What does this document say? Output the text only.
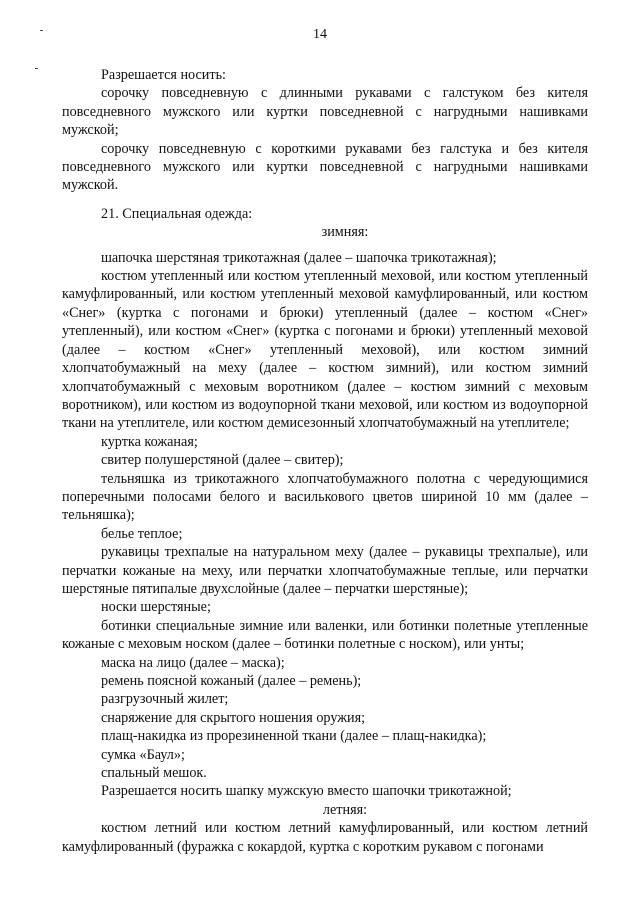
14

Разрешается носить:

сорочку повседневную с длинными рукавами с галстуком без кителя повседневного мужского или куртки повседневной с нагрудными нашивками мужской;

сорочку повседневную с короткими рукавами без галстука и без кителя повседневного мужского или куртки повседневной с нагрудными нашивками мужской.

21. Специальная одежда:

зимняя:

шапочка шерстяная трикотажная (далее – шапочка трикотажная);

костюм утепленный или костюм утепленный меховой, или костюм утепленный камуфлированный, или костюм утепленный меховой камуфлированный, или костюм «Снег» (куртка с погонами и брюки) утепленный (далее – костюм «Снег» утепленный), или костюм «Снег» (куртка с погонами и брюки) утепленный меховой (далее – костюм «Снег» утепленный меховой), или костюм зимний хлопчатобумажный на меху (далее – костюм зимний), или костюм зимний хлопчатобумажный с меховым воротником (далее – костюм зимний с меховым воротником), или костюм из водоупорной ткани меховой, или костюм из водоупорной ткани на утеплителе, или костюм демисезонный хлопчатобумажный на утеплителе;

куртка кожаная;

свитер полушерстяной (далее – свитер);

тельняшка из трикотажного хлопчатобумажного полотна с чередующимися поперечными полосами белого и василькового цветов шириной 10 мм (далее – тельняшка);

белье теплое;

рукавицы трехпалые на натуральном меху (далее – рукавицы трехпалые), или перчатки кожаные на меху, или перчатки хлопчатобумажные теплые, или перчатки шерстяные пятипалые двухслойные (далее – перчатки шерстяные);

носки шерстяные;

ботинки специальные зимние или валенки, или ботинки полетные утепленные кожаные с меховым носком (далее – ботинки полетные с носком), или унты;

маска на лицо (далее – маска);

ремень поясной кожаный (далее – ремень);

разгрузочный жилет;

снаряжение для скрытого ношения оружия;

плащ-накидка из прорезиненной ткани (далее – плащ-накидка);

сумка «Баул»;

спальный мешок.

Разрешается носить шапку мужскую вместо шапочки трикотажной;

летняя:

костюм летний или костюм летний камуфлированный, или костюм летний камуфлированный (фуражка с кокардой, куртка с коротким рукавом с погонами
